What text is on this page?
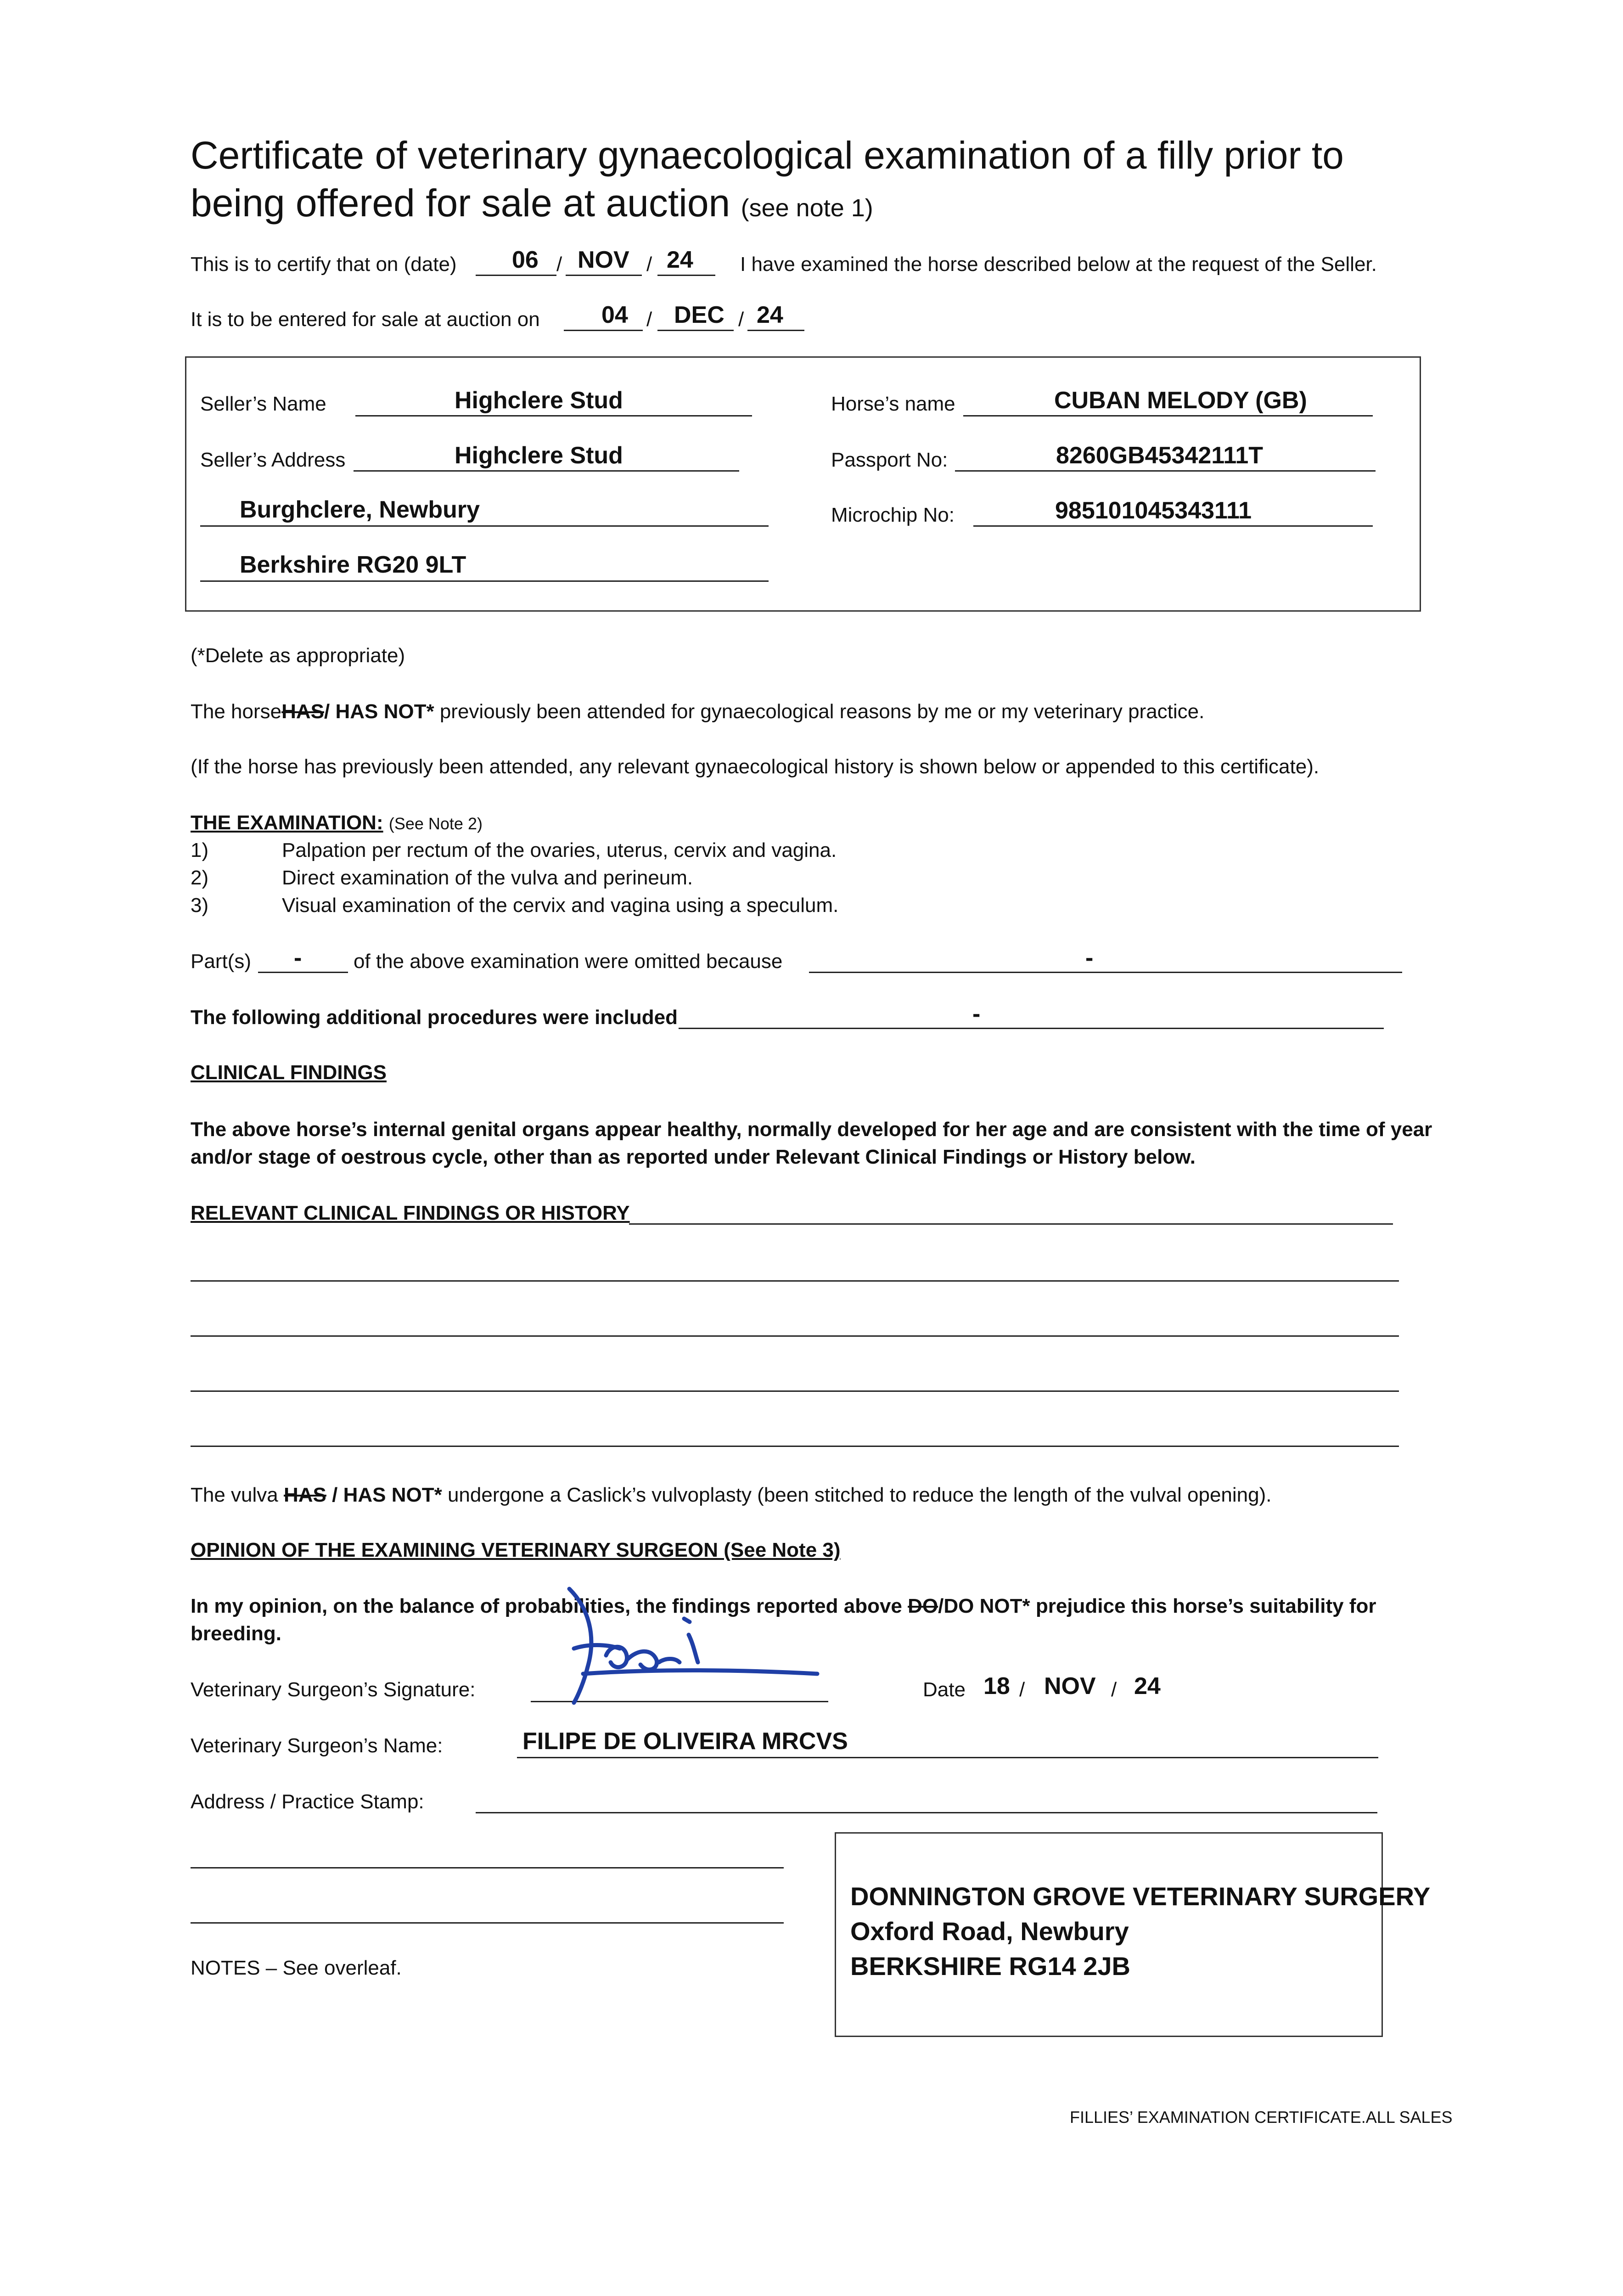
Certificate of veterinary gynaecological examination of a filly prior to
being offered for sale at auction (see note 1)
This is to certify that on (date) 06 / NOV / 24 I have examined the horse described below at the request of the Seller.
It is to be entered for sale at auction on	04 / DEC / 24
Seller’s Name	Highclere Stud
Seller’s Address	Highclere Stud
Burghclere, Newbury
Berkshire RG20 9LT
Horse’s name	CUBAN MELODY (GB)
Passport No:	8260GB45342111T
Microchip No:	985101045343111
(*Delete as appropriate)
The horseHAS/ HAS NOT* previously been attended for gynaecological reasons by me or my veterinary practice.
(If the horse has previously been attended, any relevant gynaecological history is shown below or appended to this certificate).
THE EXAMINATION: (See Note 2)
1)	Palpation per rectum of the ovaries, uterus, cervix and vagina.
2)	Direct examination of the vulva and perineum.
3)	Visual examination of the cervix and vagina using a speculum.
Part(s) -	of the above examination were omitted because	-
The following additional procedures were included	-
CLINICAL FINDINGS
The above horse’s internal genital organs appear healthy, normally developed for her age and are consistent with the time of year
and/or stage of oestrous cycle, other than as reported under Relevant Clinical Findings or History below.
RELEVANT CLINICAL FINDINGS OR HISTORY
The vulva HAS / HAS NOT* undergone a Caslick’s vulvoplasty (been stitched to reduce the length of the vulval opening).
OPINION OF THE EXAMINING VETERINARY SURGEON (See Note 3)
In my opinion, on the balance of probabilities, the findings reported above DO/DO NOT* prejudice this horse’s suitability for
breeding.
Veterinary Surgeon’s Signature:	Date 18 / NOV / 24
Veterinary Surgeon’s Name:	FILIPE DE OLIVEIRA MRCVS
Address / Practice Stamp:
DONNINGTON GROVE VETERINARY SURGERY
Oxford Road, Newbury
BERKSHIRE RG14 2JB
NOTES – See overleaf.
FILLIES’ EXAMINATION CERTIFICATE.ALL SALES
